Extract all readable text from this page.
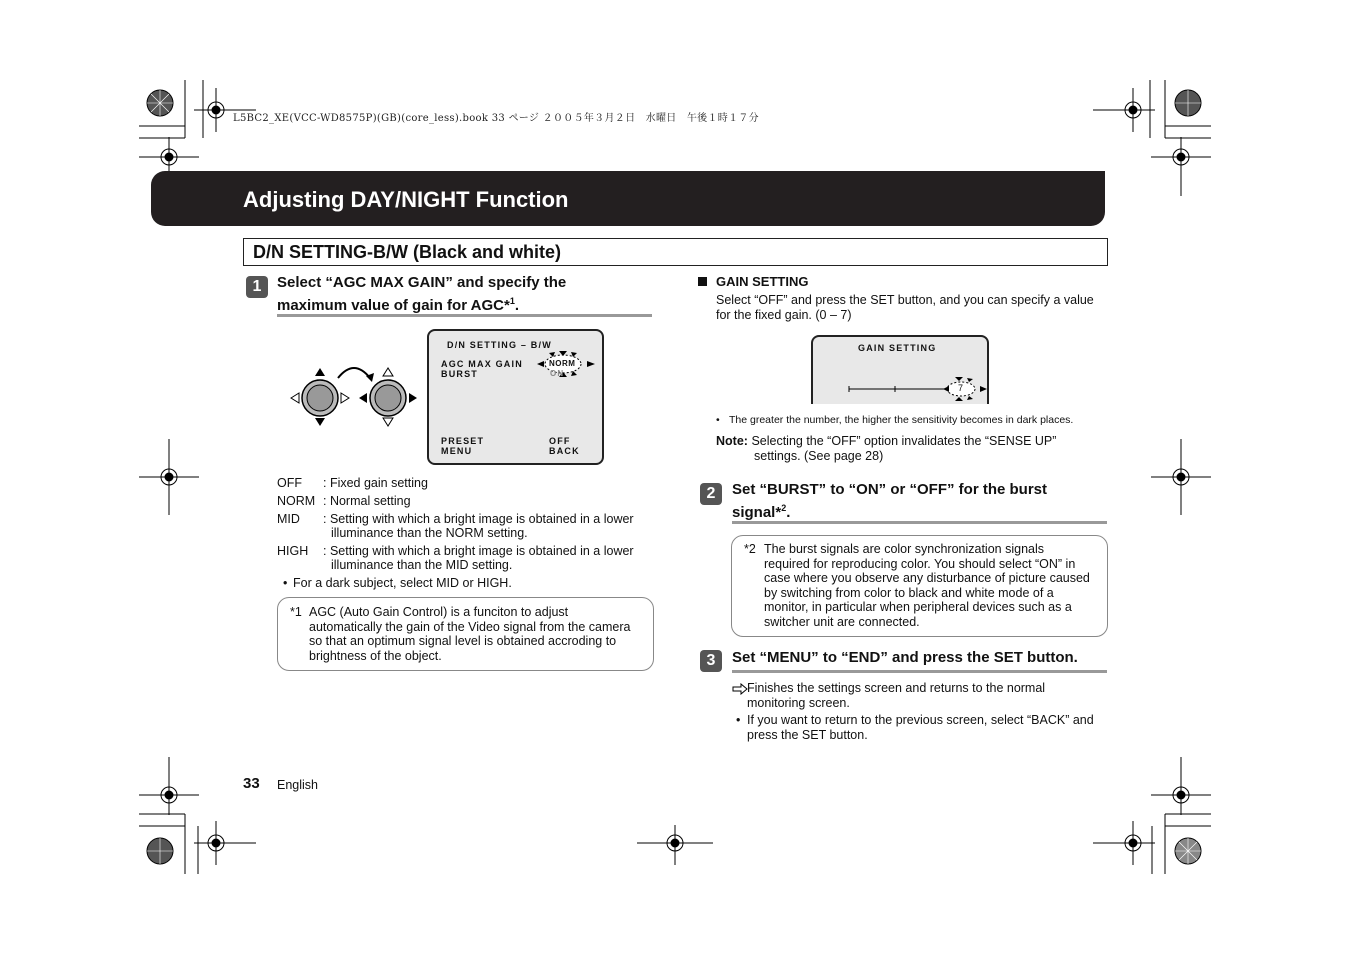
L5BC2_XE(VCC-WD8575P)(GB)(core_less).book 33 ページ ２００５年３月２日　水曜日　午後１時１７分
Adjusting DAY/NIGHT Function
D/N SETTING-B/W (Black and white)
1	Select “AGC MAX GAIN” and specify the
maximum value of gain for AGC*$^1$.
D/N SETTING – B/W
AGC MAX GAIN
BURST
NORM
ON
PRESET
MENU
OFF
BACK
OFF : Fixed gain setting
NORM : Normal setting
MID : Setting with which a bright image is obtained in a lower
illuminance than the NORM setting.
HIGH : Setting with which a bright image is obtained in a lower
illuminance than the MID setting.
• For a dark subject, select MID or HIGH.
*1 AGC (Auto Gain Control) is a funciton to adjust
automatically the gain of the Video signal from the camera
so that an optimum signal level is obtained accroding to
brightness of the object.
GAIN SETTING
Select “OFF” and press the SET button, and you can specify a value
for the fixed gain. (0 – 7)
GAIN SETTING
7
• The greater the number, the higher the sensitivity becomes in dark places.
Note: Selecting the “OFF” option invalidates the “SENSE UP”
settings. (See page 28)
2	Set “BURST” to “ON” or “OFF” for the burst
signal*$^2$.
*2 The burst signals are color synchronization signals
required for reproducing color. You should select “ON” in
case where you observe any disturbance of picture caused
by switching from color to black and white mode of a
monitor, in particular when peripheral devices such as a
switcher unit are connected.
3	Set “MENU” to “END” and press the SET button.
Finishes the settings screen and returns to the normal
monitoring screen.
• If you want to return to the previous screen, select “BACK” and
press the SET button.
33 English
